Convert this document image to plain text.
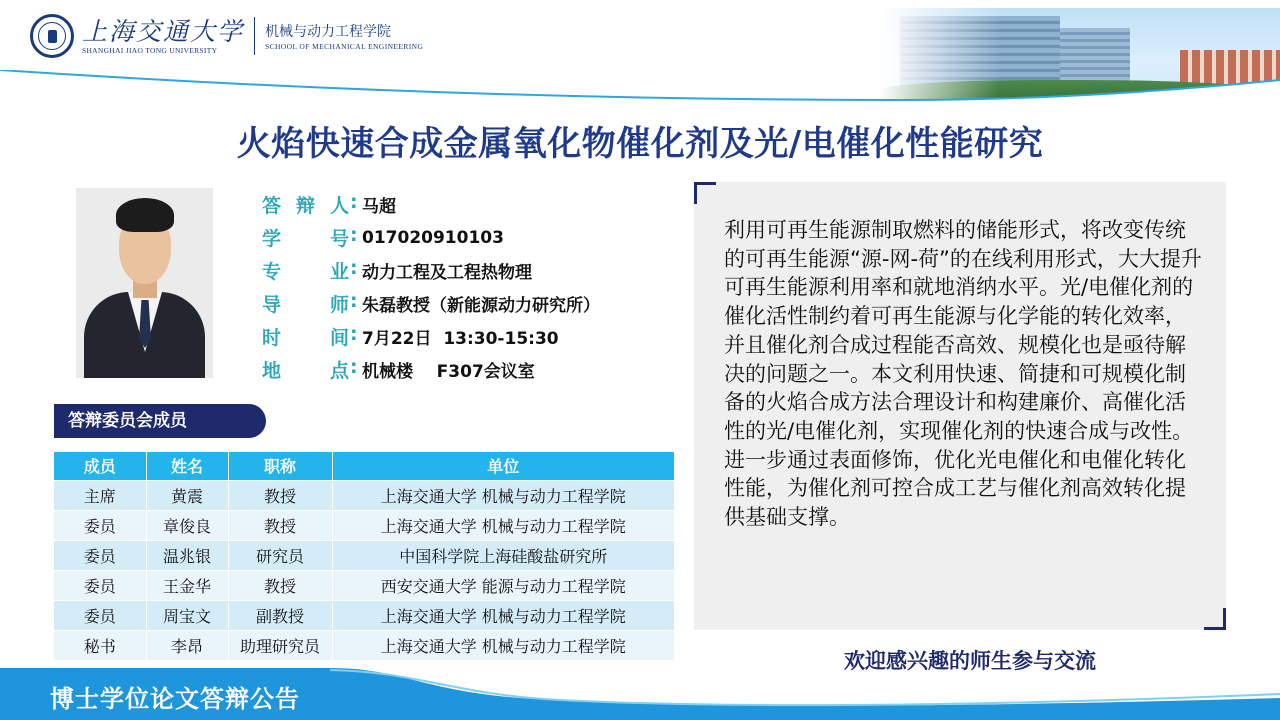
上海交通大学
SHANGHAI JIAO TONG UNIVERSITY
机械与动力工程学院
SCHOOL OF MECHANICAL ENGINEERING
火焰快速合成金属氧化物催化剂及光/电催化性能研究
答 辩 人 : 马超
学	号 : 017020910103
专	业 : 动力工程及工程热物理
导	师 : 朱磊教授（新能源动力研究所）
时	间 : 7月22日  13:30-15:30
地	点 : 机械楼    F307会议室
答辩委员会成员
成员	姓名	职称	单位
主席	黄震	教授	上海交通大学 机械与动力工程学院
委员	章俊良	教授	上海交通大学 机械与动力工程学院
委员	温兆银	研究员	中国科学院上海硅酸盐研究所
委员	王金华	教授	西安交通大学 能源与动力工程学院
委员	周宝文	副教授	上海交通大学 机械与动力工程学院
秘书	李昂	助理研究员	上海交通大学 机械与动力工程学院
利用可再生能源制取燃料的储能形式，将改变传统的可再生能源“源-网-荷”的在线利用形式，大大提升可再生能源利用率和就地消纳水平。光/电催化剂的催化活性制约着可再生能源与化学能的转化效率，并且催化剂合成过程能否高效、规模化也是亟待解决的问题之一。本文利用快速、简捷和可规模化制备的火焰合成方法合理设计和构建廉价、高催化活性的光/电催化剂，实现催化剂的快速合成与改性。进一步通过表面修饰，优化光电催化和电催化转化性能，为催化剂可控合成工艺与催化剂高效转化提供基础支撑。
欢迎感兴趣的师生参与交流
博士学位论文答辩公告
